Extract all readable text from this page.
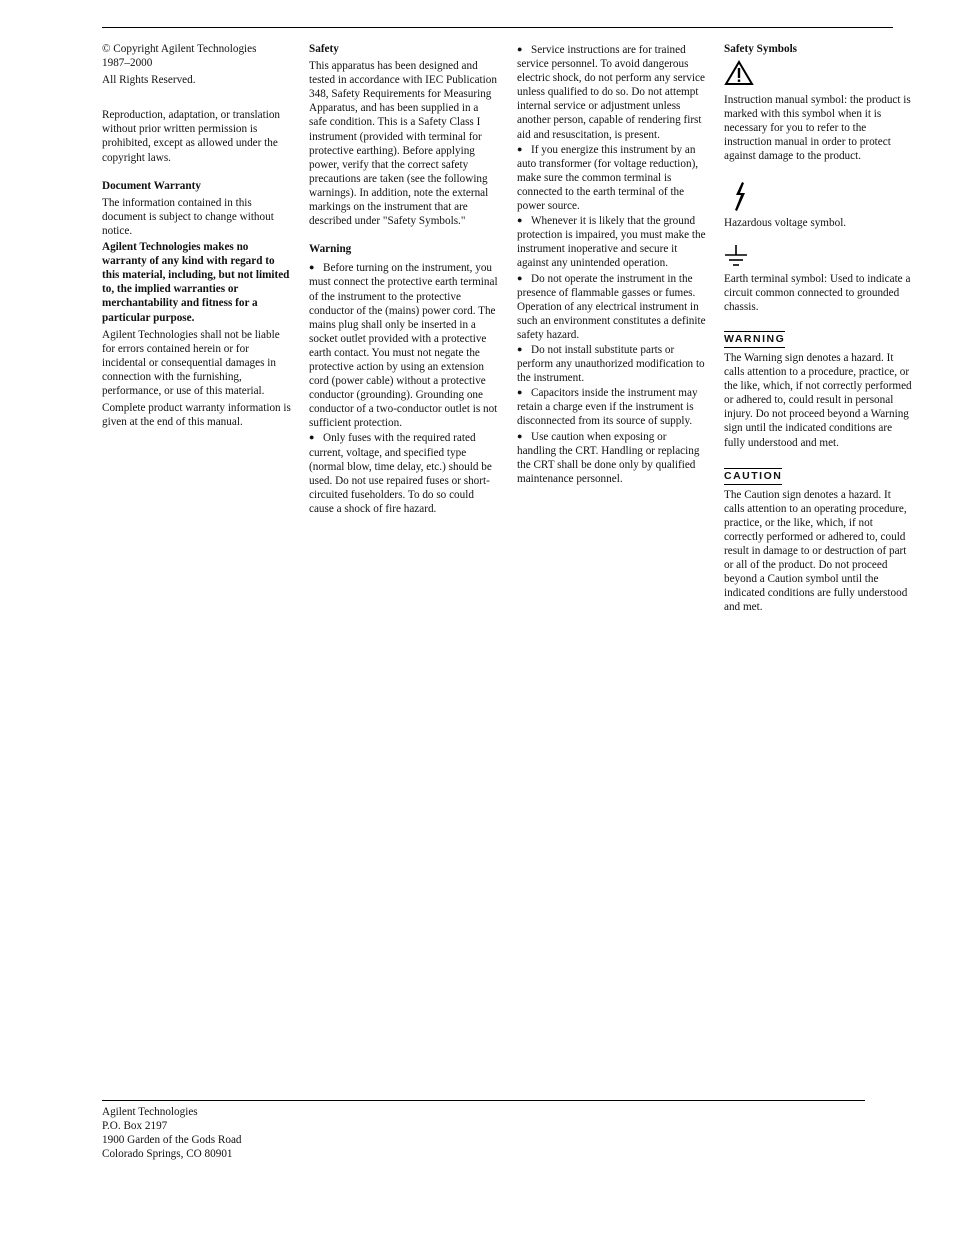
© Copyright Agilent Technologies

1987–2000

All Rights Reserved.

Reproduction, adaptation, or translation without prior written permission is prohibited, except as allowed under the copyright laws.

Document Warranty

The information contained in this document is subject to change without notice.

Agilent Technologies makes no warranty of any kind with regard to this material, including, but not limited to, the implied warranties or merchantability and fitness for a particular purpose.

Agilent Technologies shall not be liable for errors contained herein or for incidental or consequential damages in connection with the furnishing, performance, or use of this material.

Complete product warranty information is given at the end of this manual.

Safety

This apparatus has been designed and tested in accordance with IEC Publication 348, Safety Requirements for Measuring Apparatus, and has been supplied in a safe condition. This is a Safety Class I instrument (provided with terminal for protective earthing). Before applying power, verify that the correct safety precautions are taken (see the following warnings). In addition, note the external markings on the instrument that are described under "Safety Symbols."

Warning

● Before turning on the instrument, you must connect the protective earth terminal of the instrument to the protective conductor of the (mains) power cord. The mains plug shall only be inserted in a socket outlet provided with a protective earth contact. You must not negate the protective action by using an extension cord (power cable) without a protective conductor (grounding). Grounding one conductor of a two-conductor outlet is not sufficient protection.

● Only fuses with the required rated current, voltage, and specified type (normal blow, time delay, etc.) should be used. Do not use repaired fuses or short-circuited fuseholders. To do so could cause a shock of fire hazard.

● Service instructions are for trained service personnel. To avoid dangerous electric shock, do not perform any service unless qualified to do so. Do not attempt internal service or adjustment unless another person, capable of rendering first aid and resuscitation, is present.

● If you energize this instrument by an auto transformer (for voltage reduction), make sure the common terminal is connected to the earth terminal of the power source.

● Whenever it is likely that the ground protection is impaired, you must make the instrument inoperative and secure it against any unintended operation.

● Do not operate the instrument in the presence of flammable gasses or fumes. Operation of any electrical instrument in such an environment constitutes a definite safety hazard.

● Do not install substitute parts or perform any unauthorized modification to the instrument.

● Capacitors inside the instrument may retain a charge even if the instrument is disconnected from its source of supply.

● Use caution when exposing or handling the CRT. Handling or replacing the CRT shall be done only by qualified maintenance personnel.

Safety Symbols

Instruction manual symbol: the product is marked with this symbol when it is necessary for you to refer to the instruction manual in order to protect against damage to the product.

Hazardous voltage symbol.

Earth terminal symbol: Used to indicate a circuit common connected to grounded chassis.

WARNING

The Warning sign denotes a hazard. It calls attention to a procedure, practice, or the like, which, if not correctly performed or adhered to, could result in personal injury. Do not proceed beyond a Warning sign until the indicated conditions are fully understood and met.

CAUTION

The Caution sign denotes a hazard. It calls attention to an operating procedure, practice, or the like, which, if not correctly performed or adhered to, could result in damage to or destruction of part or all of the product. Do not proceed beyond a Caution symbol until the indicated conditions are fully understood and met.

Agilent Technologies

P.O. Box 2197

1900 Garden of the Gods Road

Colorado Springs, CO 80901
